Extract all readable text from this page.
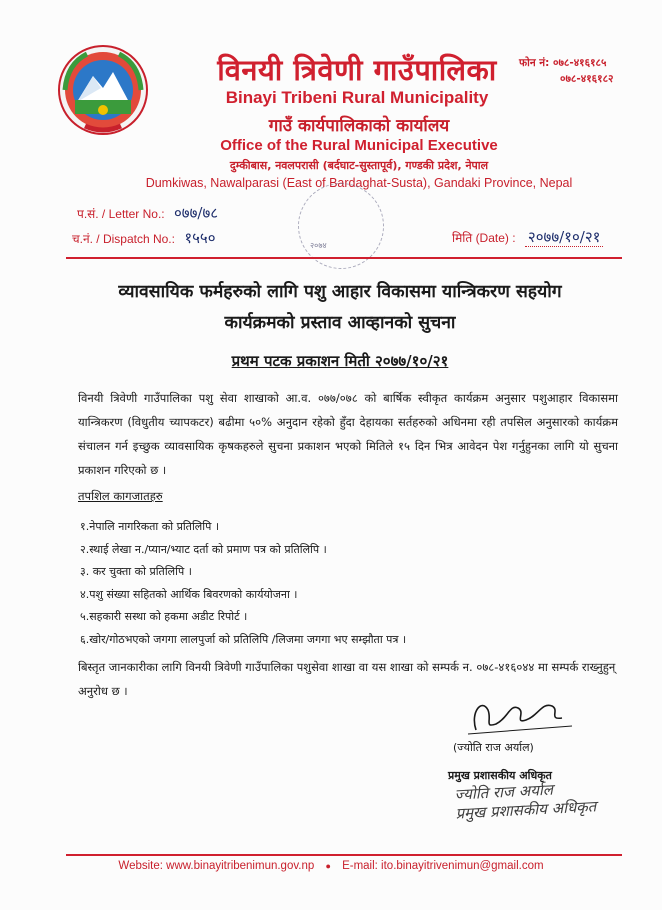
विनयी त्रिवेणी गाउँपालिका
Binayi Tribeni Rural Municipality
गाउँ कार्यपालिकाको कार्यालय
Office of the Rural Municipal Executive
दुम्कीबास, नवलपरासी (बर्दघाट-सुस्तापूर्व), गण्डकी प्रदेश, नेपाल
Dumkiwas, Nawalparasi (East of Bardaghat-Susta), Gandaki Province, Nepal
फोन नं: ०७८-४१६१८५
०७८-४१६१८२
प.सं. / Letter No.: ०७७/७८
च.नं. / Dispatch No.: १५५०	मिति (Date) : २०७७/१०/२१
२०७४
व्यावसायिक फर्महरुको लागि पशु आहार विकासमा यान्त्रिकरण सहयोग
कार्यक्रमको प्रस्ताव आव्हानको सुचना
प्रथम पटक प्रकाशन मिती २०७७/१०/२१
विनयी त्रिवेणी गाउँपालिका पशु सेवा शाखाको आ.व. ०७७/०७८ को बार्षिक स्वीकृत कार्यक्रम अनुसार पशुआहार विकासमा यान्त्रिकरण (विधुतीय च्यापकटर) बढीमा ५०% अनुदान रहेको हुँदा देहायका सर्तहरुको अधिनमा रही तपसिल अनुसारको कार्यक्रम संचालन गर्न इच्छुक व्यावसायिक कृषकहरुले सुचना प्रकाशन भएको मितिले १५ दिन भित्र आवेदन पेश गर्नुहुनका लागि यो सुचना प्रकाशन गरिएको छ ।
तपशिल कागजातहरु
१.नेपालि नागरिकता को प्रतिलिपि ।
२.स्थाई लेखा न./प्यान/भ्याट दर्ता को प्रमाण पत्र को प्रतिलिपि ।
३. कर चुक्ता को प्रतिलिपि ।
४.पशु संख्या सहितको आर्थिक बिवरणको कार्ययोजना ।
५.सहकारी सस्था को हकमा अडीट रिपोर्ट ।
६.खोर/गोठभएको जगगा लालपुर्जा को प्रतिलिपि /लिजमा जगगा भए सम्झौता पत्र ।
बिस्तृत जानकारीका लागि विनयी त्रिवेणी गाउँपालिका पशुसेवा शाखा वा यस शाखा को सम्पर्क न. ०७८-४१६०४४ मा सम्पर्क राख्नुहुन् अनुरोध छ ।
(ज्योति राज अर्याल)
प्रमुख प्रशासकीय अधिकृत
ज्योति राज अर्याल
प्रमुख प्रशासकीय अधिकृत
Website: www.binayitribenimun.gov.np ● E-mail: ito.binayitrivenimun@gmail.com
